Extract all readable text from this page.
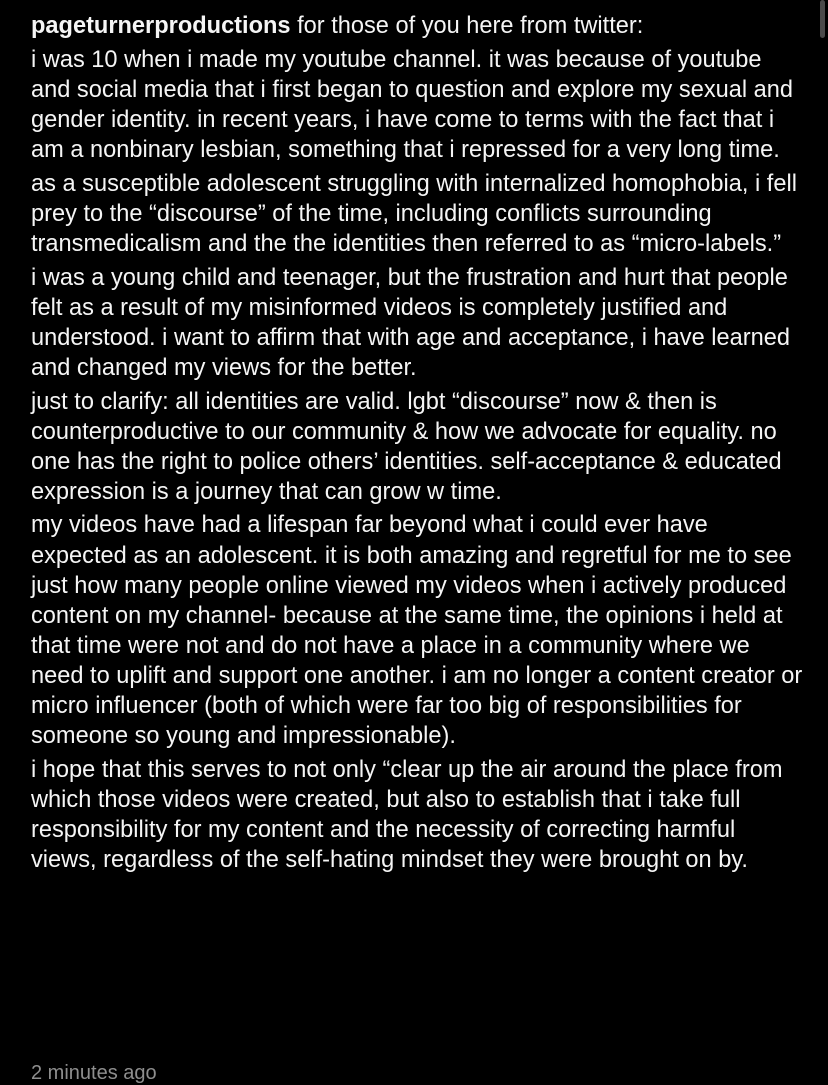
pageturnerproductions for those of you here from twitter:
i was 10 when i made my youtube channel. it was because of youtube and social media that i first began to question and explore my sexual and gender identity. in recent years, i have come to terms with the fact that i am a nonbinary lesbian, something that i repressed for a very long time.
as a susceptible adolescent struggling with internalized homophobia, i fell prey to the “discourse” of the time, including conflicts surrounding transmedicalism and the the identities then referred to as “micro-labels.”
i was a young child and teenager, but the frustration and hurt that people felt as a result of my misinformed videos is completely justified and understood. i want to affirm that with age and acceptance, i have learned and changed my views for the better.
just to clarify: all identities are valid. lgbt “discourse” now & then is counterproductive to our community & how we advocate for equality. no one has the right to police others’ identities. self-acceptance & educated expression is a journey that can grow w time.
my videos have had a lifespan far beyond what i could ever have expected as an adolescent. it is both amazing and regretful for me to see just how many people online viewed my videos when i actively produced content on my channel- because at the same time, the opinions i held at that time were not and do not have a place in a community where we need to uplift and support one another. i am no longer a content creator or micro influencer (both of which were far too big of responsibilities for someone so young and impressionable).
i hope that this serves to not only “clear up the air around the place from which those videos were created, but also to establish that i take full responsibility for my content and the necessity of correcting harmful views, regardless of the self-hating mindset they were brought on by.
2 minutes ago
